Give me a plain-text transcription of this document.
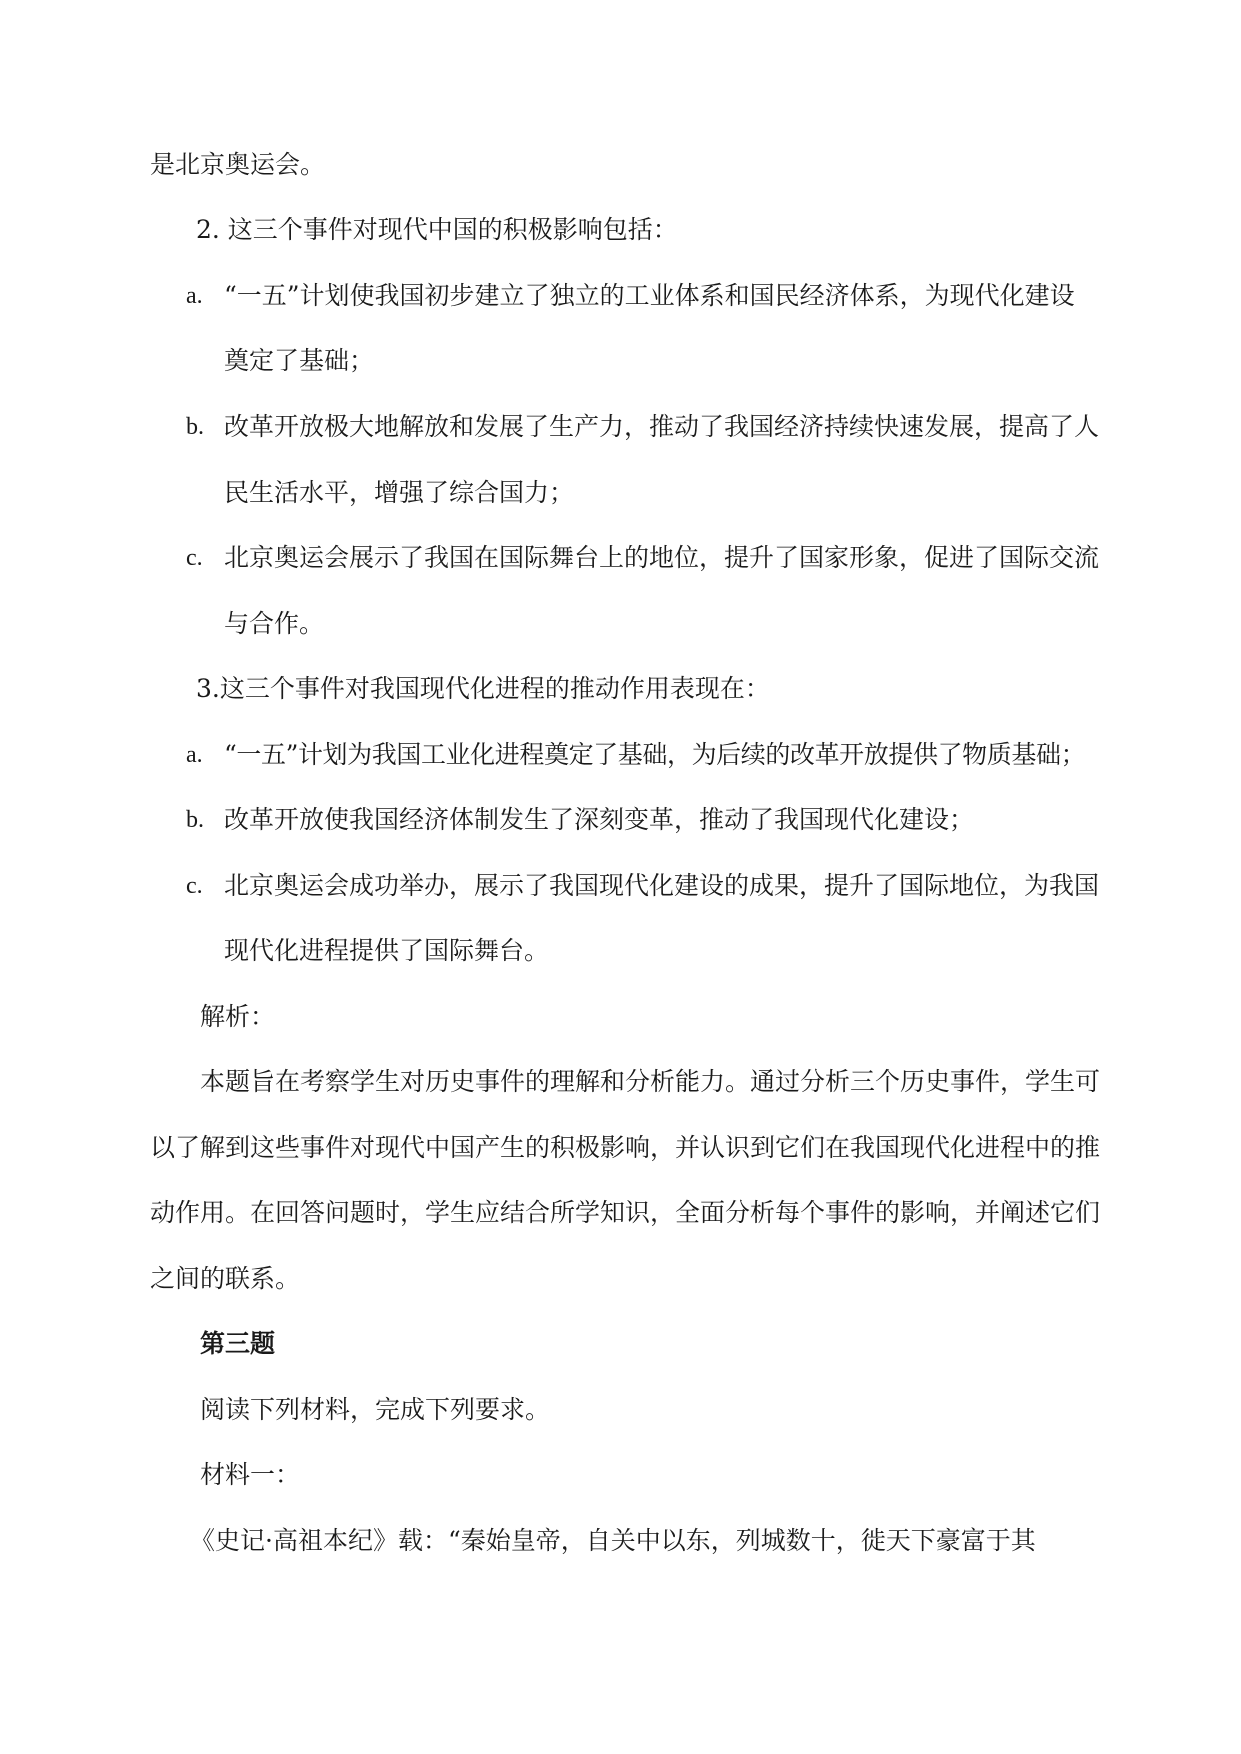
是北京奥运会。
2. 这三个事件对现代中国的积极影响包括：
a. “一五”计划使我国初步建立了独立的工业体系和国民经济体系，为现代化建设
奠定了基础；
b. 改革开放极大地解放和发展了生产力，推动了我国经济持续快速发展，提高了人
民生活水平，增强了综合国力；
c. 北京奥运会展示了我国在国际舞台上的地位，提升了国家形象，促进了国际交流
与合作。
3.这三个事件对我国现代化进程的推动作用表现在：
a. “一五”计划为我国工业化进程奠定了基础，为后续的改革开放提供了物质基础；
b. 改革开放使我国经济体制发生了深刻变革，推动了我国现代化建设；
c. 北京奥运会成功举办，展示了我国现代化建设的成果，提升了国际地位，为我国
现代化进程提供了国际舞台。
解析：
本题旨在考察学生对历史事件的理解和分析能力。通过分析三个历史事件，学生可
以了解到这些事件对现代中国产生的积极影响，并认识到它们在我国现代化进程中的推
动作用。在回答问题时，学生应结合所学知识，全面分析每个事件的影响，并阐述它们
之间的联系。
第三题
阅读下列材料，完成下列要求。
材料一：
《史记·高祖本纪》载：“秦始皇帝，自关中以东，列城数十，徙天下豪富于其
